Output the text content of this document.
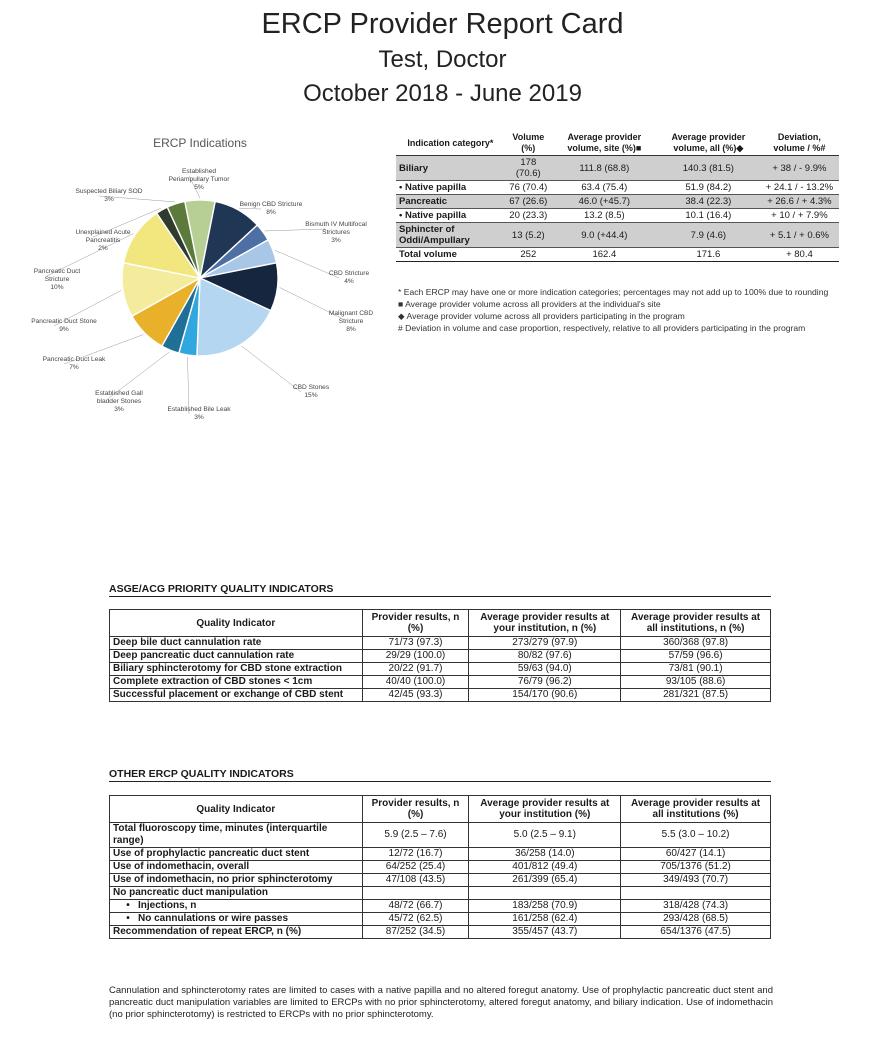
ERCP Provider Report Card
Test, Doctor
October 2018 - June 2019
ERCP Indications
Established Periampullary Tumor
5%
Benign CBD Stricture
8%
Bismuth IV Multifocal Strictures
3%
CBD Stricture
4%
Malignant CBD Stricture
8%
CBD Stones
15%
Established Bile Leak
3%
Established Gall bladder Stones
3%
Pancreatic Duct Leak
7%
Pancreatic Duct Stone
9%
Pancreatic Duct Stricture
10%
Unexplained Acute Pancreatitis
2%
Suspected Biliary SOD
3%
Indication category*	Volume (%)	Average provider volume, site (%)■	Average provider volume, all (%)◆	Deviation, volume / %#
Biliary	178 (70.6)	111.8 (68.8)	140.3 (81.5)	+ 38 / - 9.9%
• Native papilla	76 (70.4)	63.4 (75.4)	51.9 (84.2)	+ 24.1 / - 13.2%
Pancreatic	67 (26.6)	46.0 (+45.7)	38.4 (22.3)	+ 26.6 / + 4.3%
• Native papilla	20 (23.3)	13.2 (8.5)	10.1 (16.4)	+ 10 / + 7.9%
Sphincter of Oddi/Ampullary	13 (5.2)	9.0 (+44.4)	7.9 (4.6)	+ 5.1 / + 0.6%
Total volume	252	162.4	171.6	+ 80.4

* Each ERCP may have one or more indication categories; percentages may not add up to 100% due to rounding

■ Average provider volume across all providers at the individual's site

◆ Average provider volume across all providers participating in the program

# Deviation in volume and case proportion, respectively, relative to all providers participating in the program

ASGE/ACG PRIORITY QUALITY INDICATORS
Quality Indicator	Provider results, n (%)	Average provider results at your institution, n (%)	Average provider results at all institutions, n (%)
Deep bile duct cannulation rate	71/73 (97.3)	273/279 (97.9)	360/368 (97.8)
Deep pancreatic duct cannulation rate	29/29 (100.0)	80/82 (97.6)	57/59 (96.6)
Biliary sphincterotomy for CBD stone extraction	20/22 (91.7)	59/63 (94.0)	73/81 (90.1)
Complete extraction of CBD stones < 1cm	40/40 (100.0)	76/79 (96.2)	93/105 (88.6)
Successful placement or exchange of CBD stent	42/45 (93.3)	154/170 (90.6)	281/321 (87.5)
OTHER ERCP QUALITY INDICATORS
Quality Indicator	Provider results, n (%)	Average provider results at your institution (%)	Average provider results at all institutions (%)
Total fluoroscopy time, minutes (interquartile range)	5.9 (2.5 – 7.6)	5.0 (2.5 – 9.1)	5.5 (3.0 – 10.2)
Use of prophylactic pancreatic duct stent	12/72 (16.7)	36/258 (14.0)	60/427 (14.1)
Use of indomethacin, overall	64/252 (25.4)	401/812 (49.4)	705/1376 (51.2)
Use of indomethacin, no prior sphincterotomy	47/108 (43.5)	261/399 (65.4)	349/493 (70.7)
No pancreatic duct manipulation			
• Injections, n	48/72 (66.7)	183/258 (70.9)	318/428 (74.3)
• No cannulations or wire passes	45/72 (62.5)	161/258 (62.4)	293/428 (68.5)
Recommendation of repeat ERCP, n (%)	87/252 (34.5)	355/457 (43.7)	654/1376 (47.5)

Cannulation and sphincterotomy rates are limited to cases with a native papilla and no altered foregut anatomy. Use of prophylactic pancreatic duct stent and pancreatic duct manipulation variables are limited to ERCPs with no prior sphincterotomy, altered foregut anatomy, and biliary indication. Use of indomethacin (no prior sphincterotomy) is restricted to ERCPs with no prior sphincterotomy.
